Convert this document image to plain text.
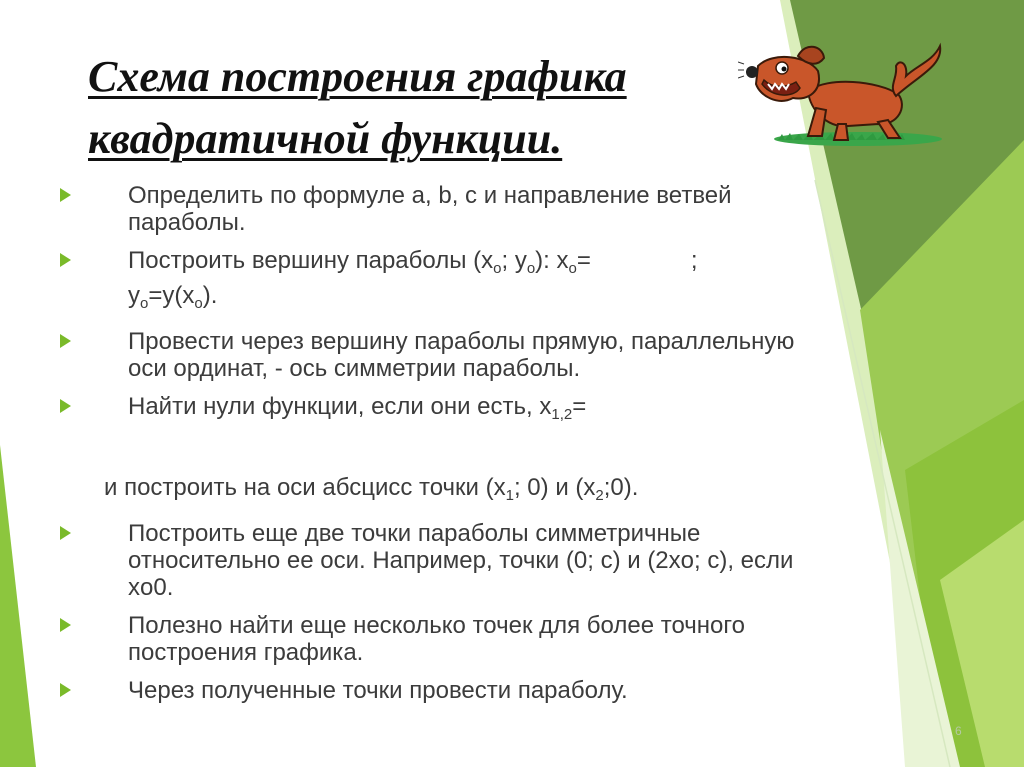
Схема построения графика
квадратичной функции.
Определить по формуле a, b, c и направление ветвей
параболы.
Построить вершину параболы ($x_o$; $y_o$): $x_o=$	;
$y_o=y(x_o)$.
Провести через вершину параболы прямую, параллельную
оси ординат, - ось симметрии параболы.
Найти нули функции, если они есть, $x_{1,2}=$
и построить на оси абсцисс точки ($x_1$; 0) и $(x_2;0)$.
Построить еще две точки параболы симметричные
относительно ее оси. Например, точки (0; c) и (2xo; c), если
xo0.
Полезно найти еще несколько точек для более точного
построения графика.
Через полученные точки провести параболу.
6
